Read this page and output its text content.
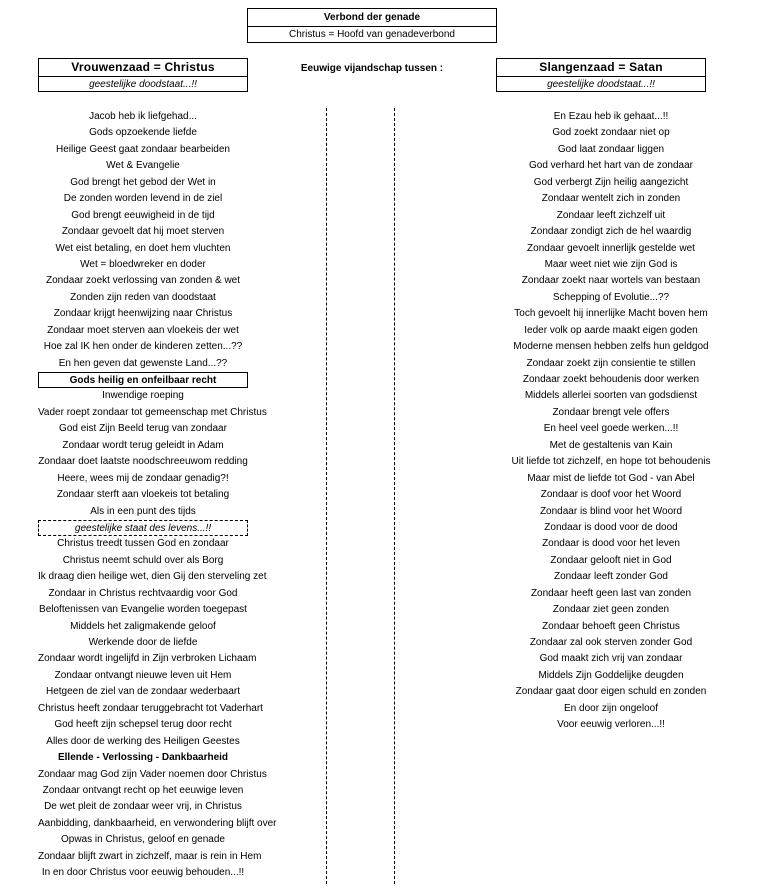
Verbond der genade
Christus = Hoofd van genadeverbond
Vrouwenzaad = Christus
geestelijke doodstaat...!!
Eeuwige vijandschap tussen :	Slangenzaad = Satan
geestelijke doodstaat...!!
Jacob heb ik liefgehad...
Gods opzoekende liefde
Heilige Geest gaat zondaar bearbeiden
Wet & Evangelie
God brengt het gebod der Wet in
De zonden worden levend in de ziel
God brengt eeuwigheid in de tijd
Zondaar gevoelt dat hij moet sterven
Wet eist betaling, en doet hem vluchten
Wet = bloedwreker en doder
Zondaar zoekt verlossing van zonden & wet
Zonden zijn reden van doodstaat
Zondaar krijgt heenwijzing naar Christus
Zondaar moet sterven aan vloekeis der wet
Hoe zal IK hen onder de kinderen zetten...??
En hen geven dat gewenste Land...??
Gods heilig en onfeilbaar recht
Inwendige roeping
Vader roept zondaar tot gemeenschap met Christus
God eist Zijn Beeld terug van zondaar
Zondaar wordt terug geleidt in Adam
Zondaar doet laatste noodschreeuwom redding
Heere, wees mij de zondaar genadig?!
Zondaar sterft aan vloekeis tot betaling
Als in een punt des tijds
geestelijke staat des levens...!!
Christus treedt tussen God en zondaar
Christus neemt schuld over als Borg
Ik draag dien heilige wet, dien Gij den sterveling zet
Zondaar in Christus rechtvaardig voor God
Beloftenissen van Evangelie worden toegepast
Middels het zaligmakende geloof
Werkende door de liefde
Zondaar wordt ingelijfd in Zijn verbroken Lichaam
Zondaar ontvangt nieuwe leven uit Hem
Hetgeen de ziel van de zondaar wederbaart
Christus heeft zondaar teruggebracht tot Vaderhart
God heeft zijn schepsel terug door recht
Alles door de werking des Heiligen Geestes
Ellende - Verlossing - Dankbaarheid
Zondaar mag God zijn Vader noemen door Christus
Zondaar ontvangt recht op het eeuwige leven
De wet pleit de zondaar weer vrij, in Christus
Aanbidding, dankbaarheid, en verwondering blijft over
Opwas in Christus, geloof en genade
Zondaar blijft zwart in zichzelf, maar is rein in Hem
In en door Christus voor eeuwig behouden...!!
En Ezau heb ik gehaat...!!
God zoekt zondaar niet op
God laat zondaar liggen
God verhard het hart van de zondaar
God verbergt Zijn heilig aangezicht
Zondaar wentelt zich in zonden
Zondaar leeft zichzelf uit
Zondaar zondigt zich de hel waardig
Zondaar gevoelt innerlijk gestelde wet
Maar weet niet wie zijn God is
Zondaar zoekt naar wortels van bestaan
Schepping of Evolutie...??
Toch gevoelt hij innerlijke Macht boven hem
Ieder volk op aarde maakt eigen goden
Moderne mensen hebben zelfs hun geldgod
Zondaar zoekt zijn consientie te stillen
Zondaar zoekt behoudenis door werken
Middels allerlei soorten van godsdienst
Zondaar brengt vele offers
En heel veel goede werken...!!
Met de gestaltenis van Kain
Uit liefde tot zichzelf, en hope tot behoudenis
Maar mist de liefde tot God - van Abel
Zondaar is doof voor het Woord
Zondaar is blind voor het Woord
Zondaar is dood voor de dood
Zondaar is dood voor het leven
Zondaar gelooft niet in God
Zondaar leeft zonder God
Zondaar heeft geen last van zonden
Zondaar ziet geen zonden
Zondaar behoeft geen Christus
Zondaar zal ook sterven zonder God
God maakt zich vrij van zondaar
Middels Zijn Goddelijke deugden
Zondaar gaat door eigen schuld en zonden
En door zijn ongeloof
Voor eeuwig verloren...!!
